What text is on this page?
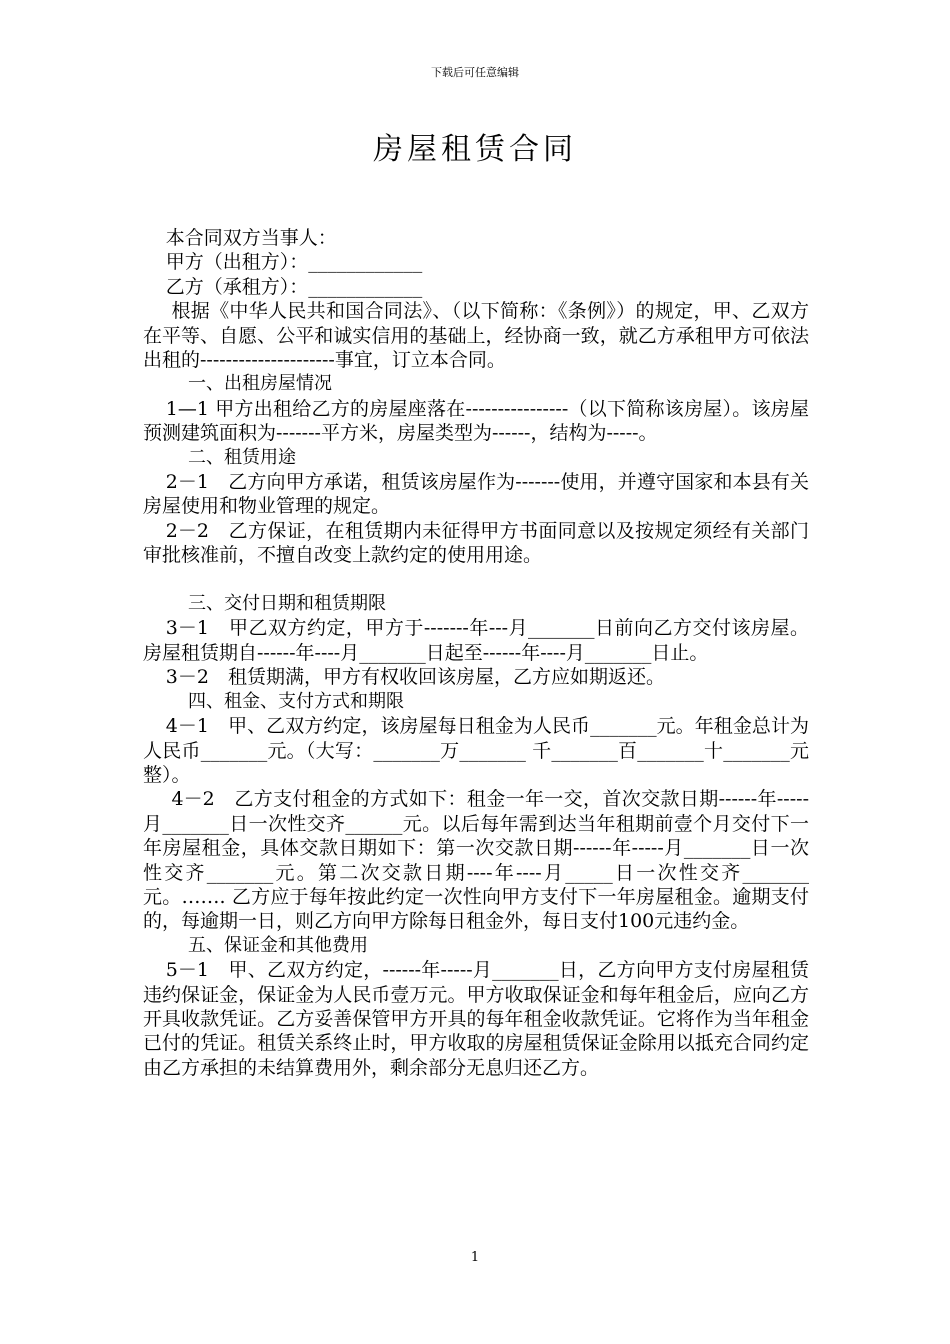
下载后可任意编辑
房屋租赁合同

本合同双方当事人：

甲方（出租方）：____________

乙方（承租方）：____________

根据《中华人民共和国合同法》、（以下简称：《条例》）的规定，甲、乙双方在平等、自愿、公平和诚实信用的基础上，经协商一致，就乙方承租甲方可依法出租的---------------------事宜，订立本合同。

一、出租房屋情况

1—1 甲方出租给乙方的房屋座落在----------------（以下简称该房屋）。该房屋预测建筑面积为-------平方米，房屋类型为------，结构为-----。

二、租赁用途

2－1　乙方向甲方承诺，租赁该房屋作为-------使用，并遵守国家和本县有关房屋使用和物业管理的规定。

2－2　乙方保证，在租赁期内未征得甲方书面同意以及按规定须经有关部门审批核准前，不擅自改变上款约定的使用用途。

三、交付日期和租赁期限

3－1　甲乙双方约定，甲方于-------年---月_______日前向乙方交付该房屋。房屋租赁期自------年----月_______日起至------年----月_______日止。

3－2　租赁期满，甲方有权收回该房屋，乙方应如期返还。

四、租金、支付方式和期限

4－1　甲、乙双方约定，该房屋每日租金为人民币_______元。年租金总计为人民币_______元。（大写：_______万_______ 千_______百_______十_______元整）。

4－2　乙方支付租金的方式如下：租金一年一交，首次交款日期------年-----月_______日一次性交齐______元。以后每年需到达当年租期前壹个月交付下一年房屋租金，具体交款日期如下：第一次交款日期------年-----月_______日一次性交齐_______元。第二次交款日期----年----月_____日一次性交齐_______元。……. 乙方应于每年按此约定一次性向甲方支付下一年房屋租金。逾期支付的，每逾期一日，则乙方向甲方除每日租金外，每日支付100元违约金。

五、保证金和其他费用

5－1　甲、乙双方约定，------年-----月_______日，乙方向甲方支付房屋租赁违约保证金，保证金为人民币壹万元。甲方收取保证金和每年租金后，应向乙方开具收款凭证。乙方妥善保管甲方开具的每年租金收款凭证。它将作为当年租金已付的凭证。租赁关系终止时，甲方收取的房屋租赁保证金除用以抵充合同约定由乙方承担的未结算费用外，剩余部分无息归还乙方。

1
